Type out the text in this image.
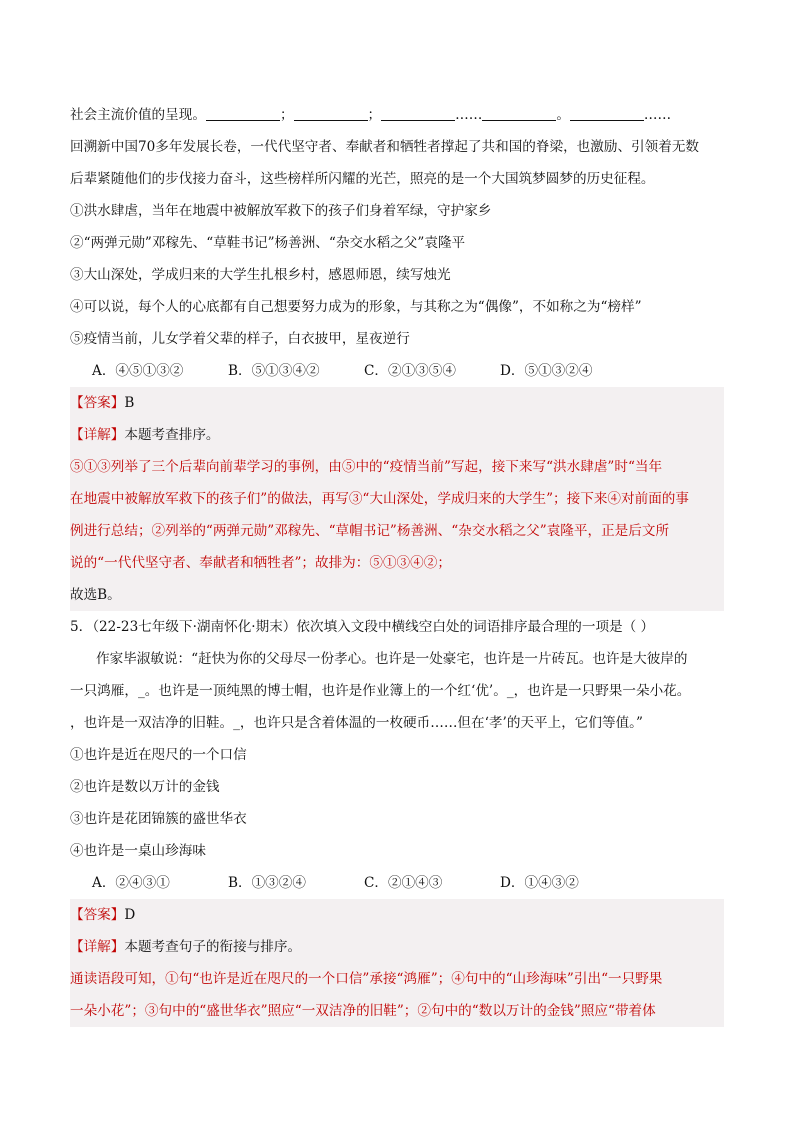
社会主流价值的呈现。	；	；	……	。	……
回溯新中国70多年发展长卷，一代代坚守者、奉献者和牺牲者撑起了共和国的脊梁，也激励、引领着无数
后辈紧随他们的步伐接力奋斗，这些榜样所闪耀的光芒，照亮的是一个大国筑梦圆梦的历史征程。
①洪水肆虐，当年在地震中被解放军救下的孩子们身着军绿，守护家乡
②“两弹元勋”邓稼先、“草鞋书记”杨善洲、“杂交水稻之父”袁隆平
③大山深处，学成归来的大学生扎根乡村，感恩师恩，续写烛光
④可以说，每个人的心底都有自己想要努力成为的形象，与其称之为“偶像”，不如称之为“榜样”
⑤疫情当前，儿女学着父辈的样子，白衣披甲，星夜逆行
A．④⑤①③②	B．⑤①③④②	C．②①③⑤④	D．⑤①③②④
【答案】B
【详解】本题考查排序。
⑤①③列举了三个后辈向前辈学习的事例，由⑤中的“疫情当前”写起，接下来写“洪水肆虐”时“当年
在地震中被解放军救下的孩子们”的做法，再写③“大山深处，学成归来的大学生”；接下来④对前面的事
例进行总结；②列举的“两弹元勋”邓稼先、“草帽书记”杨善洲、“杂交水稻之父”袁隆平，正是后文所
说的“一代代坚守者、奉献者和牺牲者”；故排为：⑤①③④②；
故选B。
5．（22-23七年级下·湖南怀化·期末）依次填入文段中横线空白处的词语排序最合理的一项是（ ）
作家毕淑敏说：“赶快为你的父母尽一份孝心。也许是一处豪宅，也许是一片砖瓦。也许是大彼岸的
一只鸿雁，_。也许是一顶纯黑的博士帽，也许是作业簿上的一个红‘优’。_，也许是一只野果一朵小花。
，也许是一双洁净的旧鞋。_，也许只是含着体温的一枚硬币……但在‘孝’的天平上，它们等值。”
①也许是近在咫尺的一个口信
②也许是数以万计的金钱
③也许是花团锦簇的盛世华衣
④也许是一桌山珍海味
A．②④③①	B．①③②④	C．②①④③	D．①④③②
【答案】D
【详解】本题考查句子的衔接与排序。
通读语段可知，①句“也许是近在咫尺的一个口信”承接“鸿雁”；④句中的“山珍海味”引出“一只野果
一朵小花”；③句中的“盛世华衣”照应“一双洁净的旧鞋”；②句中的“数以万计的金钱”照应“带着体
